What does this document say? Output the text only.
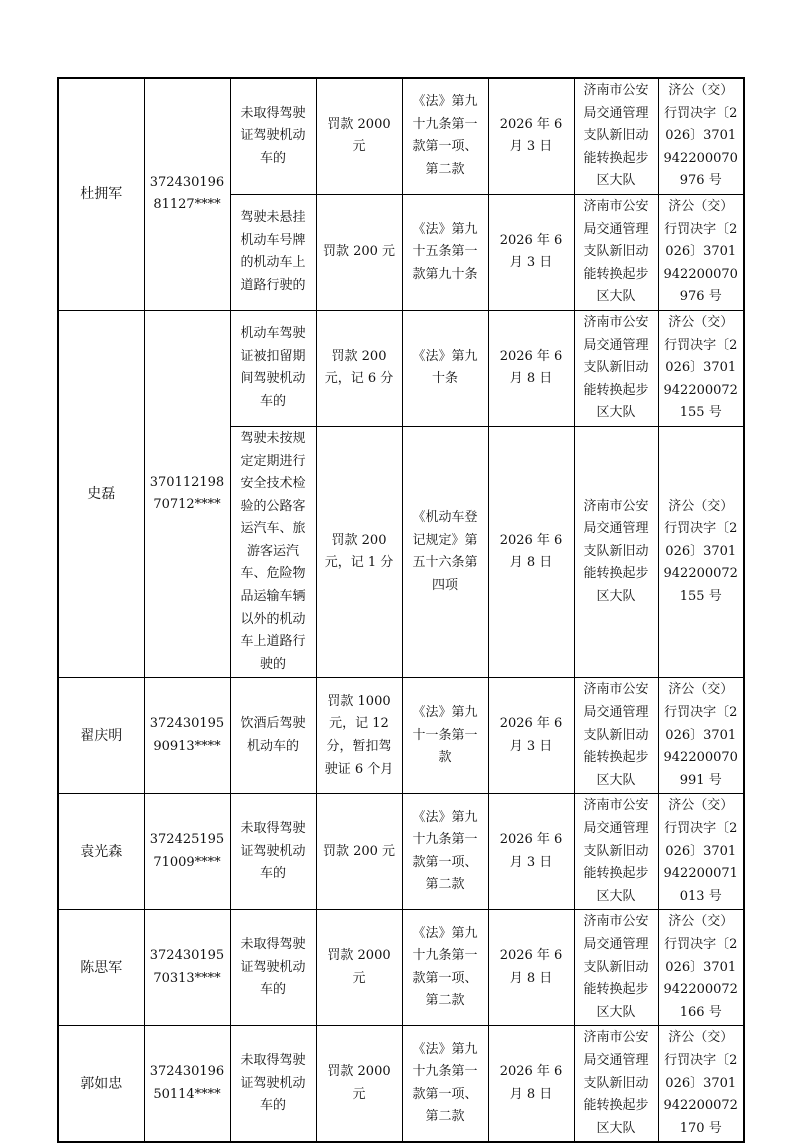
杜拥军	37243019681127****	未取得驾驶证驾驶机动车的	罚款 2000 元	《法》第九十九条第一款第一项、第二款	2026 年 6 月 3 日	济南市公安局交通管理支队新旧动能转换起步区大队	济公（交）行罚决字〔2026〕3701942200070976 号
		驾驶未悬挂机动车号牌的机动车上道路行驶的	罚款 200 元	《法》第九十五条第一款第九十条	2026 年 6 月 3 日	济南市公安局交通管理支队新旧动能转换起步区大队	济公（交）行罚决字〔2026〕3701942200070976 号
史磊	37011219870712****	机动车驾驶证被扣留期间驾驶机动车的	罚款 200 元，记 6 分	《法》第九十条	2026 年 6 月 8 日	济南市公安局交通管理支队新旧动能转换起步区大队	济公（交）行罚决字〔2026〕3701942200072155 号
		驾驶未按规定定期进行安全技术检验的公路客运汽车、旅游客运汽车、危险物品运输车辆以外的机动车上道路行驶的	罚款 200 元，记 1 分	《机动车登记规定》第五十六条第四项	2026 年 6 月 8 日	济南市公安局交通管理支队新旧动能转换起步区大队	济公（交）行罚决字〔2026〕3701942200072155 号
翟庆明	37243019590913****	饮酒后驾驶机动车的	罚款 1000 元，记 12 分，暂扣驾驶证 6 个月	《法》第九十一条第一款	2026 年 6 月 3 日	济南市公安局交通管理支队新旧动能转换起步区大队	济公（交）行罚决字〔2026〕3701942200070991 号
袁光森	37242519571009****	未取得驾驶证驾驶机动车的	罚款 200 元	《法》第九十九条第一款第一项、第二款	2026 年 6 月 3 日	济南市公安局交通管理支队新旧动能转换起步区大队	济公（交）行罚决字〔2026〕3701942200071013 号
陈思军	37243019570313****	未取得驾驶证驾驶机动车的	罚款 2000 元	《法》第九十九条第一款第一项、第二款	2026 年 6 月 8 日	济南市公安局交通管理支队新旧动能转换起步区大队	济公（交）行罚决字〔2026〕3701942200072166 号
郭如忠	37243019650114****	未取得驾驶证驾驶机动车的	罚款 2000 元	《法》第九十九条第一款第一项、第二款	2026 年 6 月 8 日	济南市公安局交通管理支队新旧动能转换起步区大队	济公（交）行罚决字〔2026〕3701942200072170 号
